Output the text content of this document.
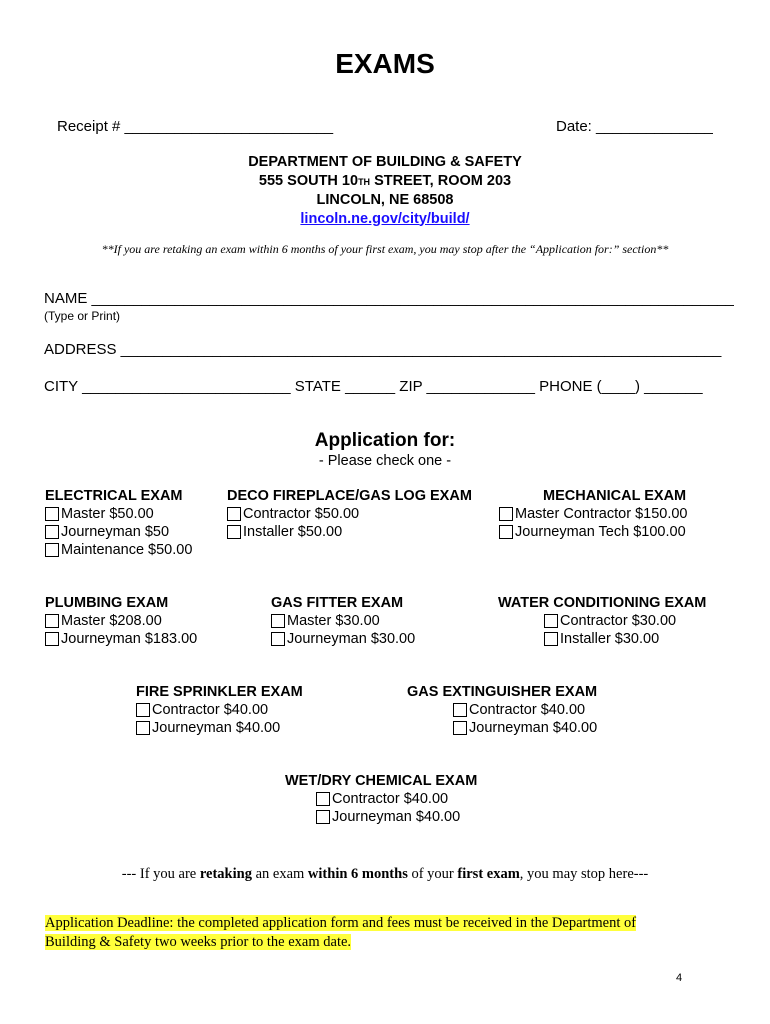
EXAMS
Receipt # _________________________	Date: ______________
DEPARTMENT OF BUILDING & SAFETY
555 SOUTH 10TH STREET, ROOM 203
LINCOLN, NE 68508
lincoln.ne.gov/city/build/
**If you are retaking an exam within 6 months of your first exam, you may stop after the “Application for:” section**
NAME _____________________________________________________________________________
(Type or Print)
ADDRESS ________________________________________________________________________
CITY _________________________ STATE ______ ZIP _____________ PHONE (____) _______
Application for:
- Please check one -
ELECTRICAL EXAM
Master $50.00
Journeyman $50
Maintenance $50.00
DECO FIREPLACE/GAS LOG EXAM
Contractor $50.00
Installer $50.00
MECHANICAL EXAM
Master Contractor $150.00
Journeyman Tech $100.00
PLUMBING EXAM
Master $208.00
Journeyman $183.00
GAS FITTER EXAM
Master $30.00
Journeyman $30.00
WATER CONDITIONING EXAM
Contractor $30.00
Installer $30.00
FIRE SPRINKLER EXAM
Contractor $40.00
Journeyman $40.00
GAS EXTINGUISHER EXAM
Contractor $40.00
Journeyman $40.00
WET/DRY CHEMICAL EXAM
Contractor $40.00
Journeyman $40.00
--- If you are retaking an exam within 6 months of your first exam, you may stop here---
Application Deadline: the completed application form and fees must be received in the Department of Building & Safety two weeks prior to the exam date.
4
